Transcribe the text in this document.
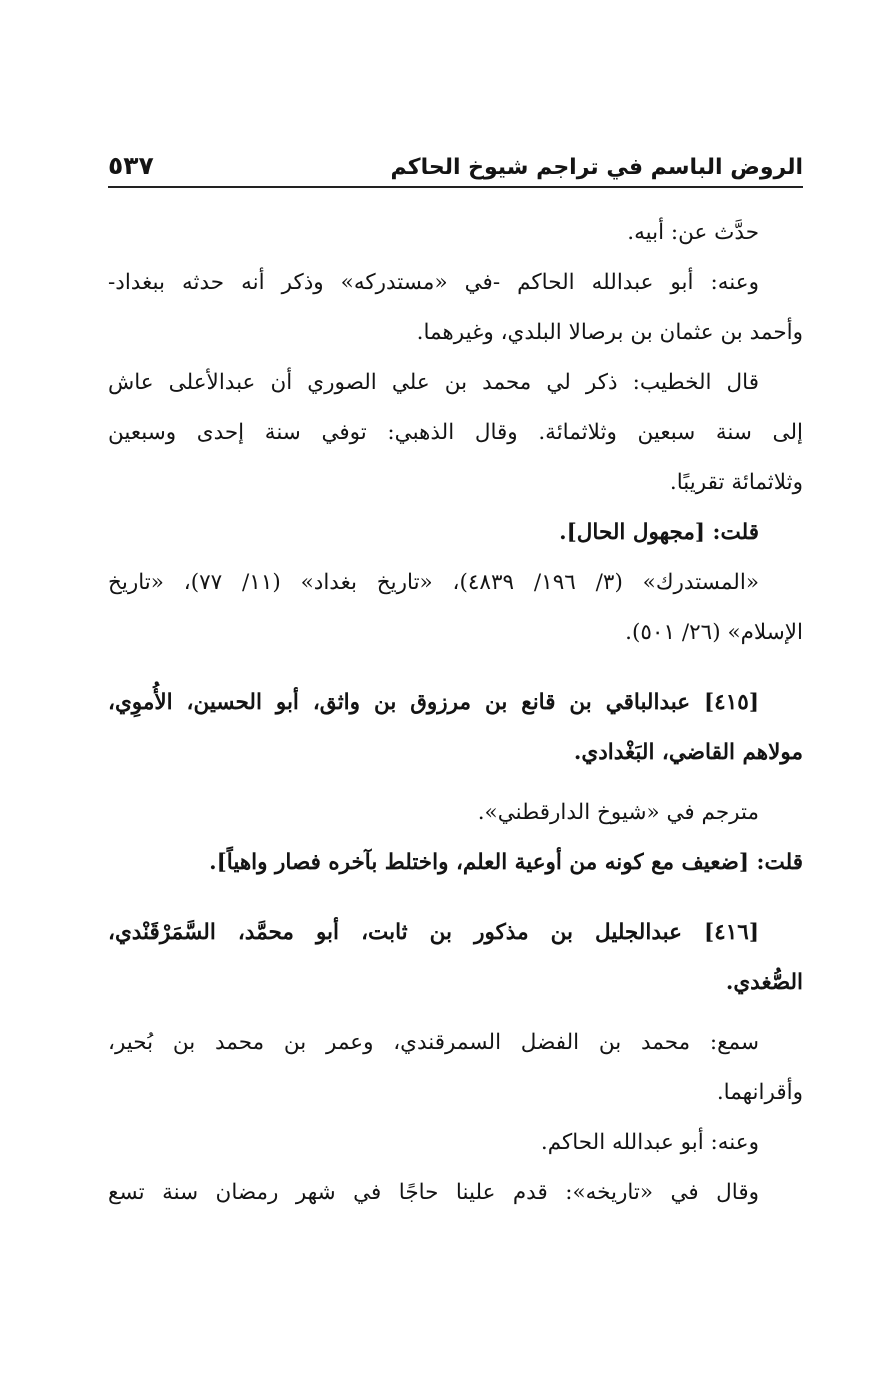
الروض الباسم في تراجم شيوخ الحاكم
٥٣٧
حدَّث عن: أبيه.
وعنه: أبو عبدالله الحاكم -في «مستدركه» وذكر أنه حدثه ببغداد-
وأحمد بن عثمان بن برصالا البلدي، وغيرهما.
قال الخطيب: ذكر لي محمد بن علي الصوري أن عبدالأعلى عاش
إلى سنة سبعين وثلاثمائة. وقال الذهبي: توفي سنة إحدى وسبعين
وثلاثمائة تقريبًا.
قلت: [مجهول الحال].
«المستدرك» (٣/ ١٩٦/ ٤٨٣٩)، «تاريخ بغداد» (١١/ ٧٧)، «تاريخ
الإسلام» (٢٦/ ٥٠١).
[٤١٥] عبدالباقي بن قانع بن مرزوق بن واثق، أبو الحسين، الأُموِي،
مولاهم القاضي، البَغْدادي.
مترجم في «شيوخ الدارقطني».
قلت: [ضعيف مع كونه من أوعية العلم، واختلط بآخره فصار واهياً].
[٤١٦] عبدالجليل بن مذكور بن ثابت، أبو محمَّد، السَّمَرْقَنْدي،
الصُّغدي.
سمع: محمد بن الفضل السمرقندي، وعمر بن محمد بن بُحير،
وأقرانهما.
وعنه: أبو عبدالله الحاكم.
وقال في «تاريخه»: قدم علينا حاجًا في شهر رمضان سنة تسع
